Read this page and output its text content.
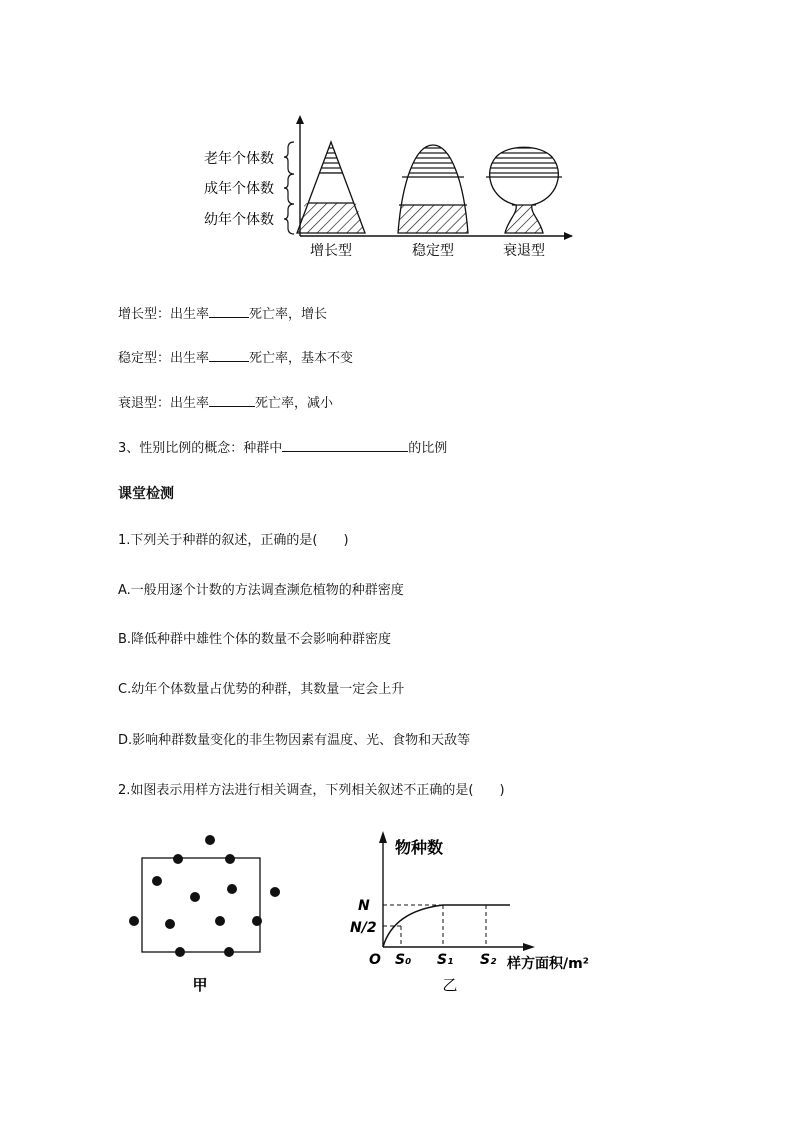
老年个体数
成年个体数
幼年个体数
增长型	稳定型	衰退型
增长型：出生率	死亡率，增长
稳定型：出生率	死亡率，基本不变
衰退型：出生率	死亡率，减小
3、性别比例的概念：种群中	的比例
课堂检测
1.下列关于种群的叙述，正确的是(　　)
A.一般用逐个计数的方法调查濒危植物的种群密度
B.降低种群中雄性个体的数量不会影响种群密度
C.幼年个体数量占优势的种群，其数量一定会上升
D.影响种群数量变化的非生物因素有温度、光、食物和天敌等
2.如图表示用样方法进行相关调查，下列相关叙述不正确的是(　　)
甲
物种数
N
N/2
O S₀ S₁ S₂ 样方面积/m²
乙
